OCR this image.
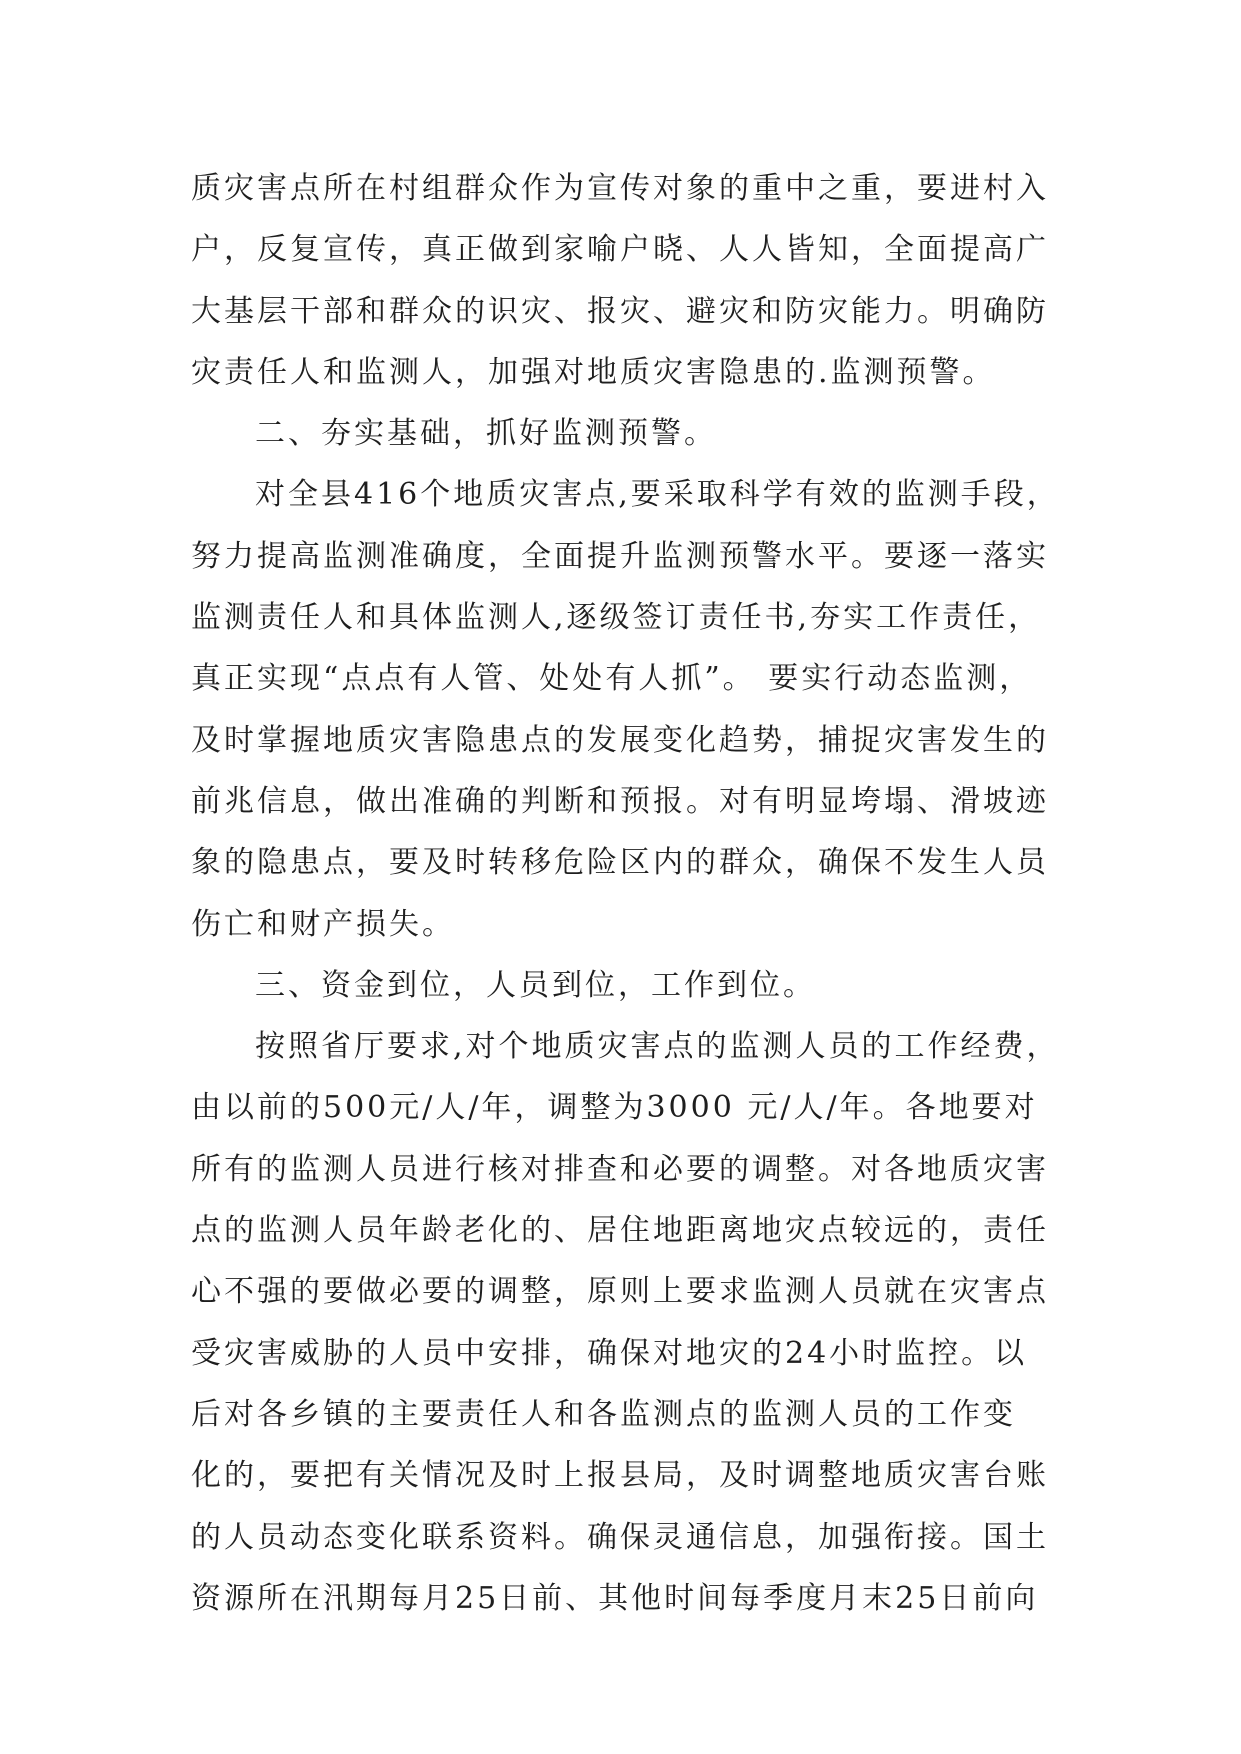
质灾害点所在村组群众作为宣传对象的重中之重，要进村入
户，反复宣传，真正做到家喻户晓、人人皆知，全面提高广
大基层干部和群众的识灾、报灾、避灾和防灾能力。明确防
灾责任人和监测人，加强对地质灾害隐患的.监测预警。
二、夯实基础，抓好监测预警。
对全县416个地质灾害点,要采取科学有效的监测手段，
努力提高监测准确度，全面提升监测预警水平。要逐一落实
监测责任人和具体监测人,逐级签订责任书,夯实工作责任，
真正实现“点点有人管、处处有人抓”。 要实行动态监测，
及时掌握地质灾害隐患点的发展变化趋势，捕捉灾害发生的
前兆信息，做出准确的判断和预报。对有明显垮塌、滑坡迹
象的隐患点，要及时转移危险区内的群众，确保不发生人员
伤亡和财产损失。
三、资金到位，人员到位，工作到位。
按照省厅要求,对个地质灾害点的监测人员的工作经费，
由以前的500元/人/年，调整为3000 元/人/年。各地要对
所有的监测人员进行核对排查和必要的调整。对各地质灾害
点的监测人员年龄老化的、居住地距离地灾点较远的，责任
心不强的要做必要的调整，原则上要求监测人员就在灾害点
受灾害威胁的人员中安排，确保对地灾的24小时监控。以
后对各乡镇的主要责任人和各监测点的监测人员的工作变
化的，要把有关情况及时上报县局，及时调整地质灾害台账
的人员动态变化联系资料。确保灵通信息，加强衔接。国土
资源所在汛期每月25日前、其他时间每季度月末25日前向
